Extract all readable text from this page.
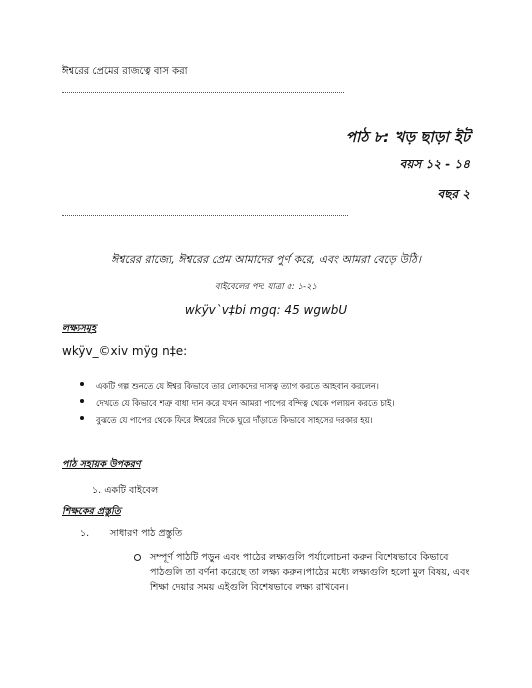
ঈশ্বরের প্রেমের রাজত্বে বাস করা
পাঠ ৮: খড় ছাড়া ইট
বয়স ১২ - ১৪
বছর ২
ঈশ্বরের রাজ্যে, ঈশ্বরের প্রেম আমাদের পুর্ণ করে, এবং আমরা বেড়ে উঠি।
বাইবেলের পদ: যাত্রা ৫: ১-২১
wkÿv`v‡bi mgq: 45 wgwbU
লক্ষ্যসমূহ
wkÿv_©xiv mÿg n‡e:
একটি গল্প শুনতে যে ঈশ্বর কিভাবে তার লোকদের দাসত্ব ত্যাগ করতে আহবান করলেন।
দেখতে যে কিভাবে শত্রু বাধা দান করে যখন আমরা পাপের বন্দিত্ব থেকে পলায়ন করতে চাই।
বুঝতে যে পাপের থেকে ফিরে ঈশ্বরের দিকে ঘুরে দাঁড়াতে কিভাবে সাহসের দরকার হয়।
পাঠ সহায়ক উপকরণ
১. একটি বাইবেল
শিক্ষকের প্রস্তুতি
১. সাধারণ পাঠ প্রস্তুতি
সম্পূর্ণ পাঠটি পড়ুন এবং পাঠের লক্ষ্যগুলি পর্যালোচনা করুন বিশেষভাবে কিভাবে পাঠগুলি তা বর্ণনা করেছে তা লক্ষ্য করুন।পাঠের মধ্যে লক্ষ্যগুলি হলো মুল বিষয়, এবং শিক্ষা দেয়ার সময় এইগুলি বিশেষভাবে লক্ষ্য রাখবেন।
